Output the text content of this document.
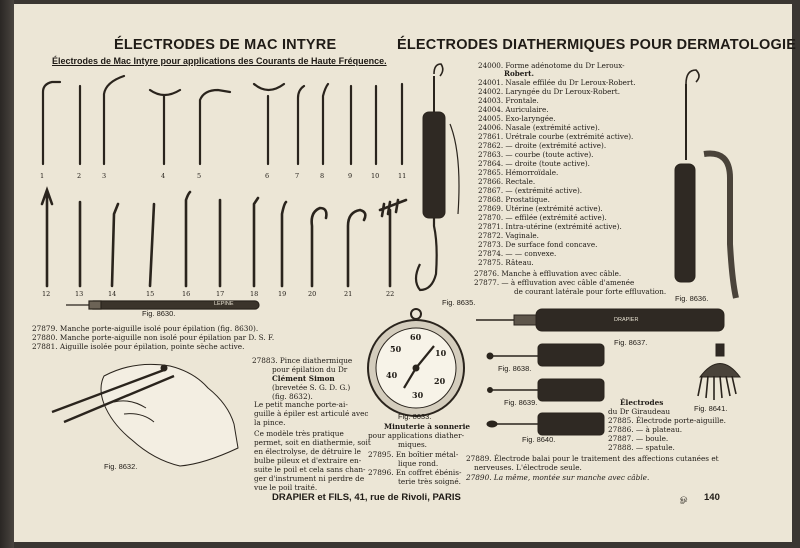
ÉLECTRODES DE MAC INTYRE	ÉLECTRODES DIATHERMIQUES POUR DERMATOLOGIE
Électrodes de Mac Intyre pour applications des Courants de Haute Fréquence.
1	2	3	4	5	6	7	8	9	10	11
12	13	14	15	16	17	18	19	20	21	22
Fig. 8630.
LEPINE	Fig. 8635.	Fig. 8636.
Fig. 8637.
DRAPIER
Fig. 8638.
Fig. 8639.
Fig. 8640.
Fig. 8641.
Fig. 8632.
Fig. 8633.
60
10
20
30
40
50
27879. Manche porte-aiguille isolé pour épilation (fig. 8630).
27880. Manche porte-aiguille non isolé pour épilation par D. S. F.
27881. Aiguille isolée pour épilation, pointe sèche active.
27883. Pince diathermique
pour épilation du Dr
Clément Simon
(brevetée S. G. D. G.)
(fig. 8632).
Le petit manche porte-ai-
guille à épiler est articulé avec
la pince.
Ce modèle très pratique
permet, soit en diathermie, soit
en électrolyse, de détruire le
bulbe pileux et d'extraire en-
suite le poil et cela sans chan-
ger d'instrument ni perdre de
vue le poil traité.
Minuterie à sonnerie
pour applications diather-
miques.
27895. En boîtier métal-
lique rond.
27896. En coffret ébénis-
terie très soigné.
24000. Forme adénotome du Dr Leroux-
Robert.
24001. Nasale effilée du Dr Leroux-Robert.
24002. Laryngée du Dr Leroux-Robert.
24003. Frontale.
24004. Auriculaire.
24005. Exo-laryngée.
24006. Nasale (extrémité active).
27861. Urétrale courbe (extrémité active).
27862. — droite (extrémité active).
27863. — courbe (toute active).
27864. — droite (toute active).
27865. Hémorroïdale.
27866. Rectale.
27867. — (extrémité active).
27868. Prostatique.
27869. Utérine (extrémité active).
27870. — effilée (extrémité active).
27871. Intra-utérine (extrémité active).
27872. Vaginale.
27873. De surface fond concave.
27874. — — convexe.
27875. Râteau.
27876. Manche à effluvation avec câble.
27877. — à effluvation avec câble d'amenée
de courant latérale pour forte effluvation.
Électrodes
du Dr Giraudeau
27885. Électrode porte-aiguille.
27886. — à plateau.
27887. — boule.
27888. — spatule.
27889. Électrode balai pour le traitement des affections cutanées et
nerveuses. L'électrode seule.
27890. La même, montée sur manche avec câble.
DRAPIER et FILS, 41, rue de Rivoli, PARIS	ௐ 140
